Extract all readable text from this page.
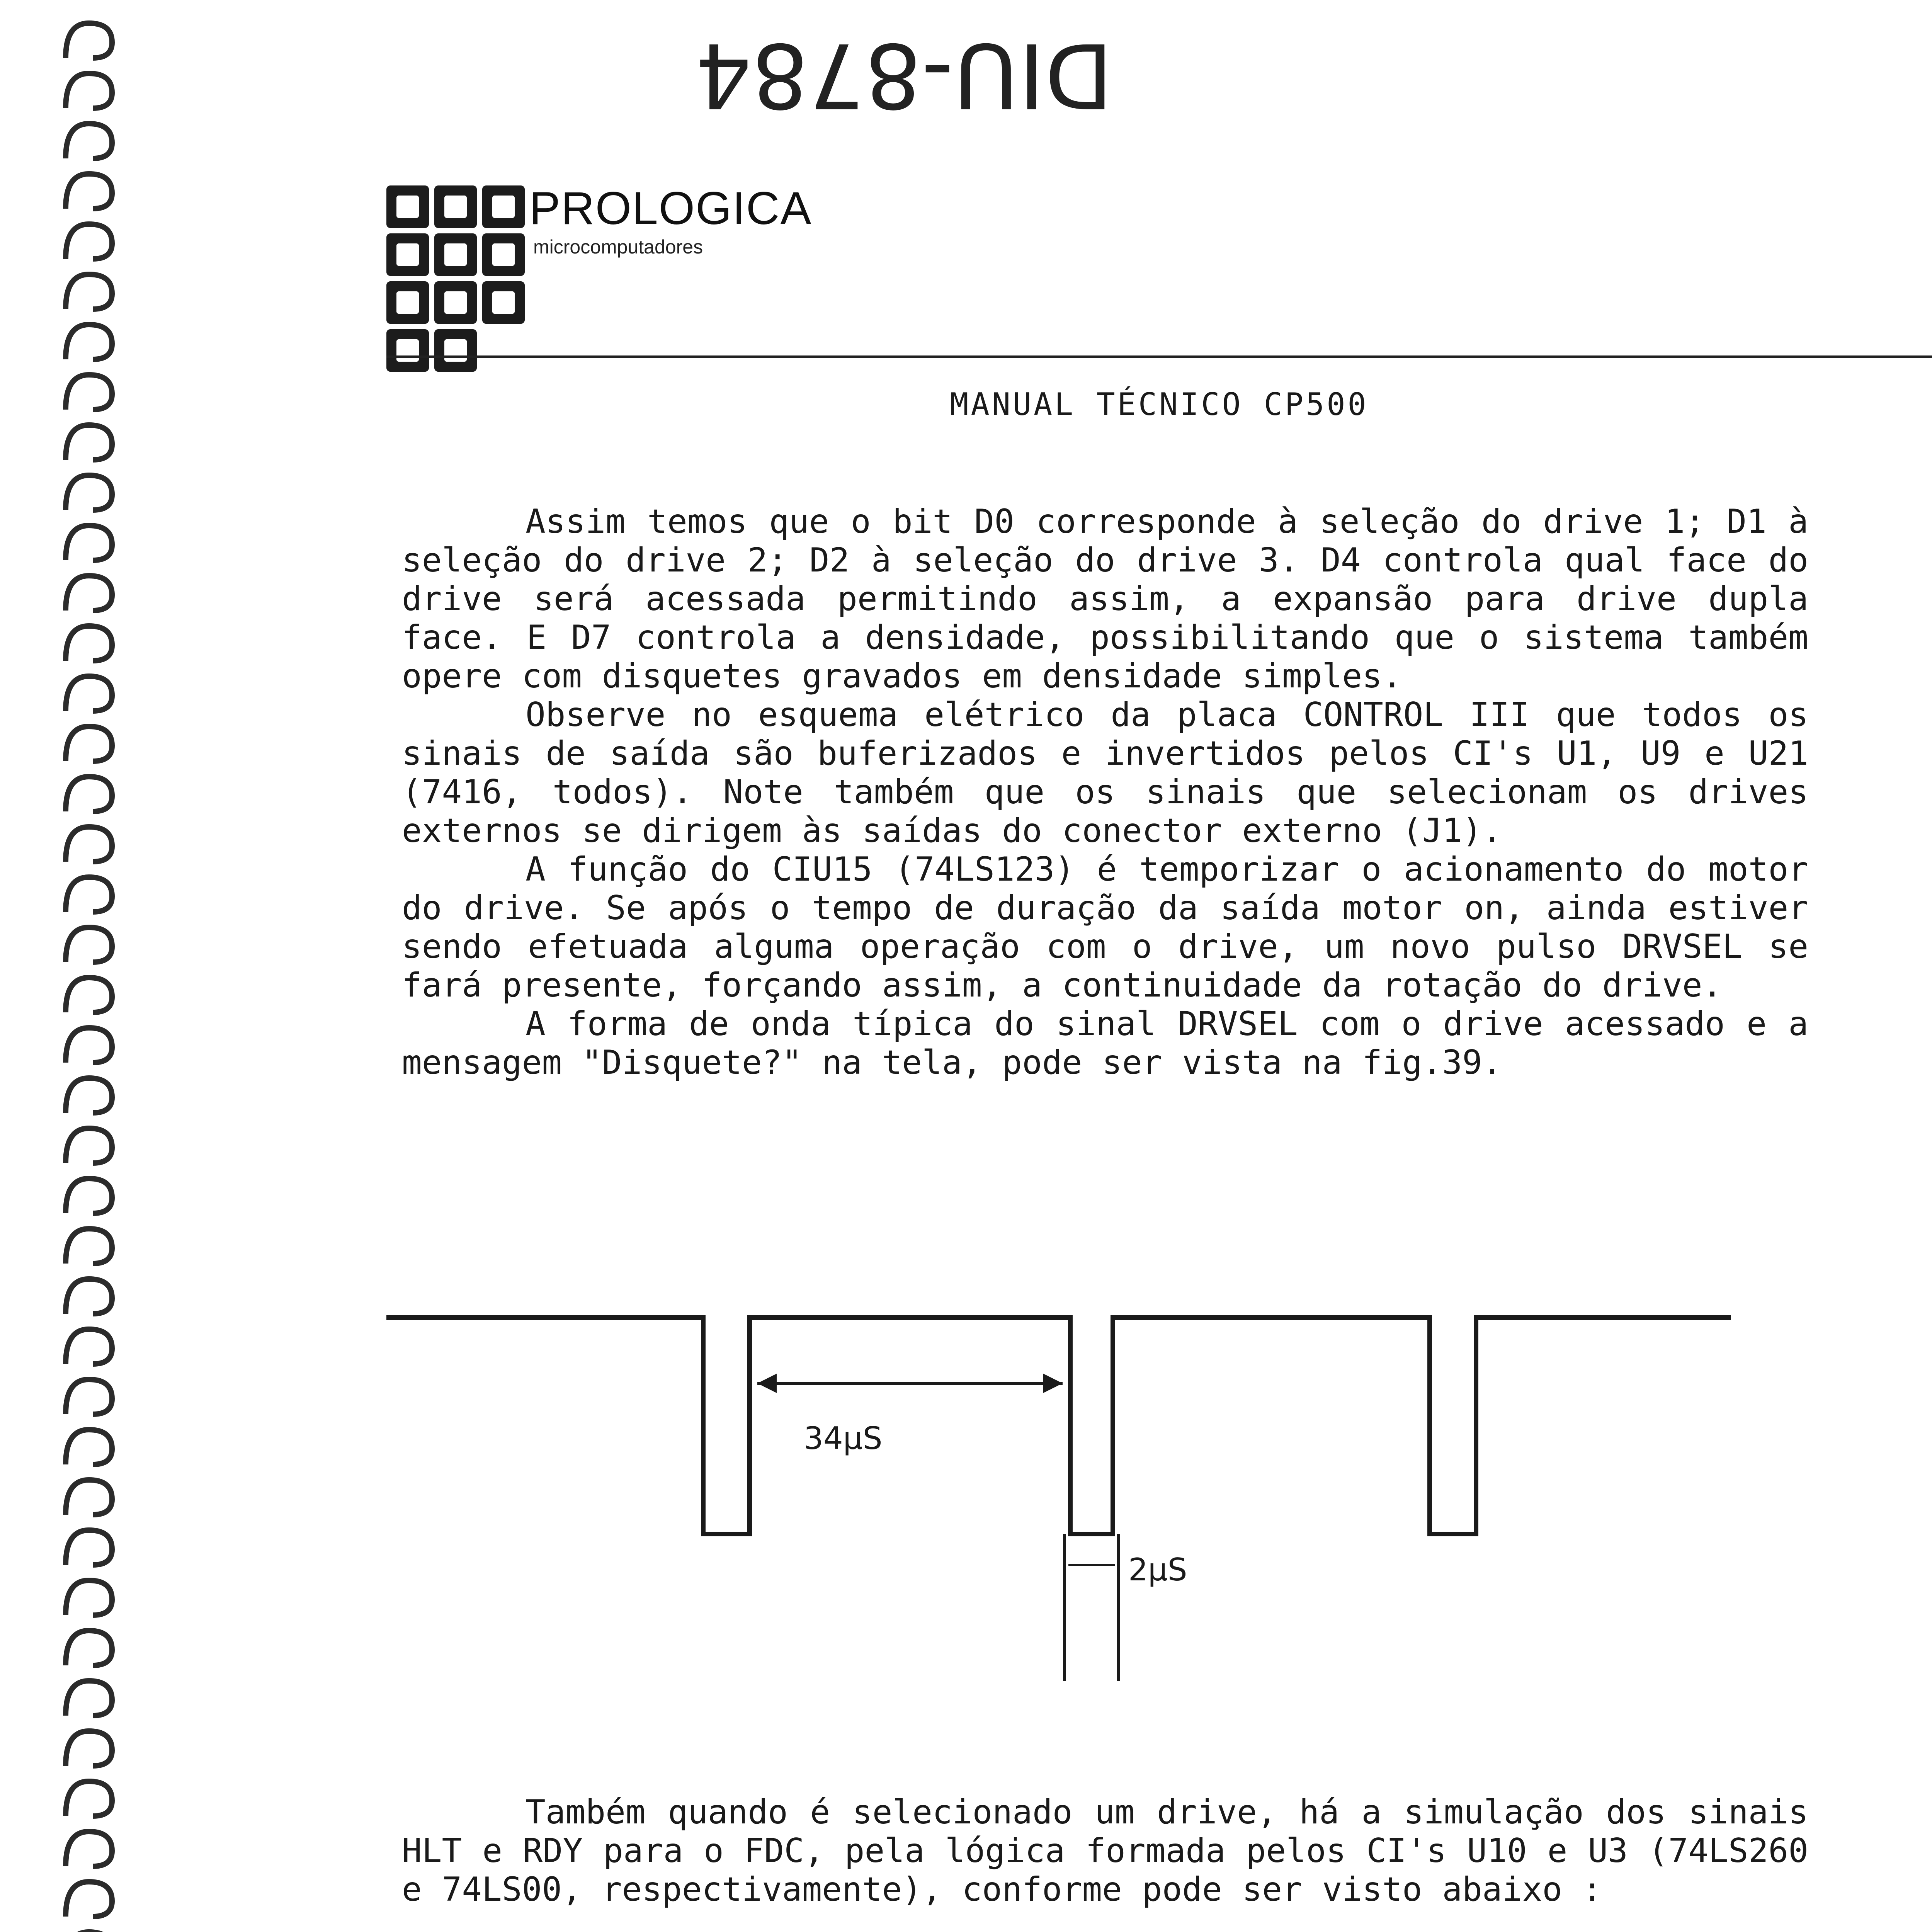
DIU-8784
PROLOGICA
microcomputadores
MANUAL TÉCNICO CP500

Assim temos que o bit D0 corresponde à seleção do drive 1; D1 à seleção do drive 2; D2 à seleção do drive 3. D4 controla qual face do drive será acessada permitindo assim, a expansão para drive dupla face. E D7 controla a densidade, possibilitando que o sistema também opere com disquetes gravados em densidade simples.

Observe no esquema elétrico da placa CONTROL III que todos os sinais de saída são buferizados e invertidos pelos CI's U1, U9 e U21 (7416, todos). Note também que os sinais que selecionam os drives externos se dirigem às saídas do conector externo (J1).

A função do CIU15 (74LS123) é temporizar o acionamento do motor do drive. Se após o tempo de duração da saída motor on, ainda estiver sendo efetuada alguma operação com o drive, um novo pulso DRVSEL se fará presente, forçando assim, a continuidade da rotação do drive.

A forma de onda típica do sinal DRVSEL com o drive acessado e a mensagem "Disquete?" na tela, pode ser vista na fig.39.

34µS
2µS

Também quando é selecionado um drive, há a simulação dos sinais HLT e RDY para o FDC, pela lógica formada pelos CI's U10 e U3 (74LS260 e 74LS00, respectivamente), conforme pode ser visto abaixo :
